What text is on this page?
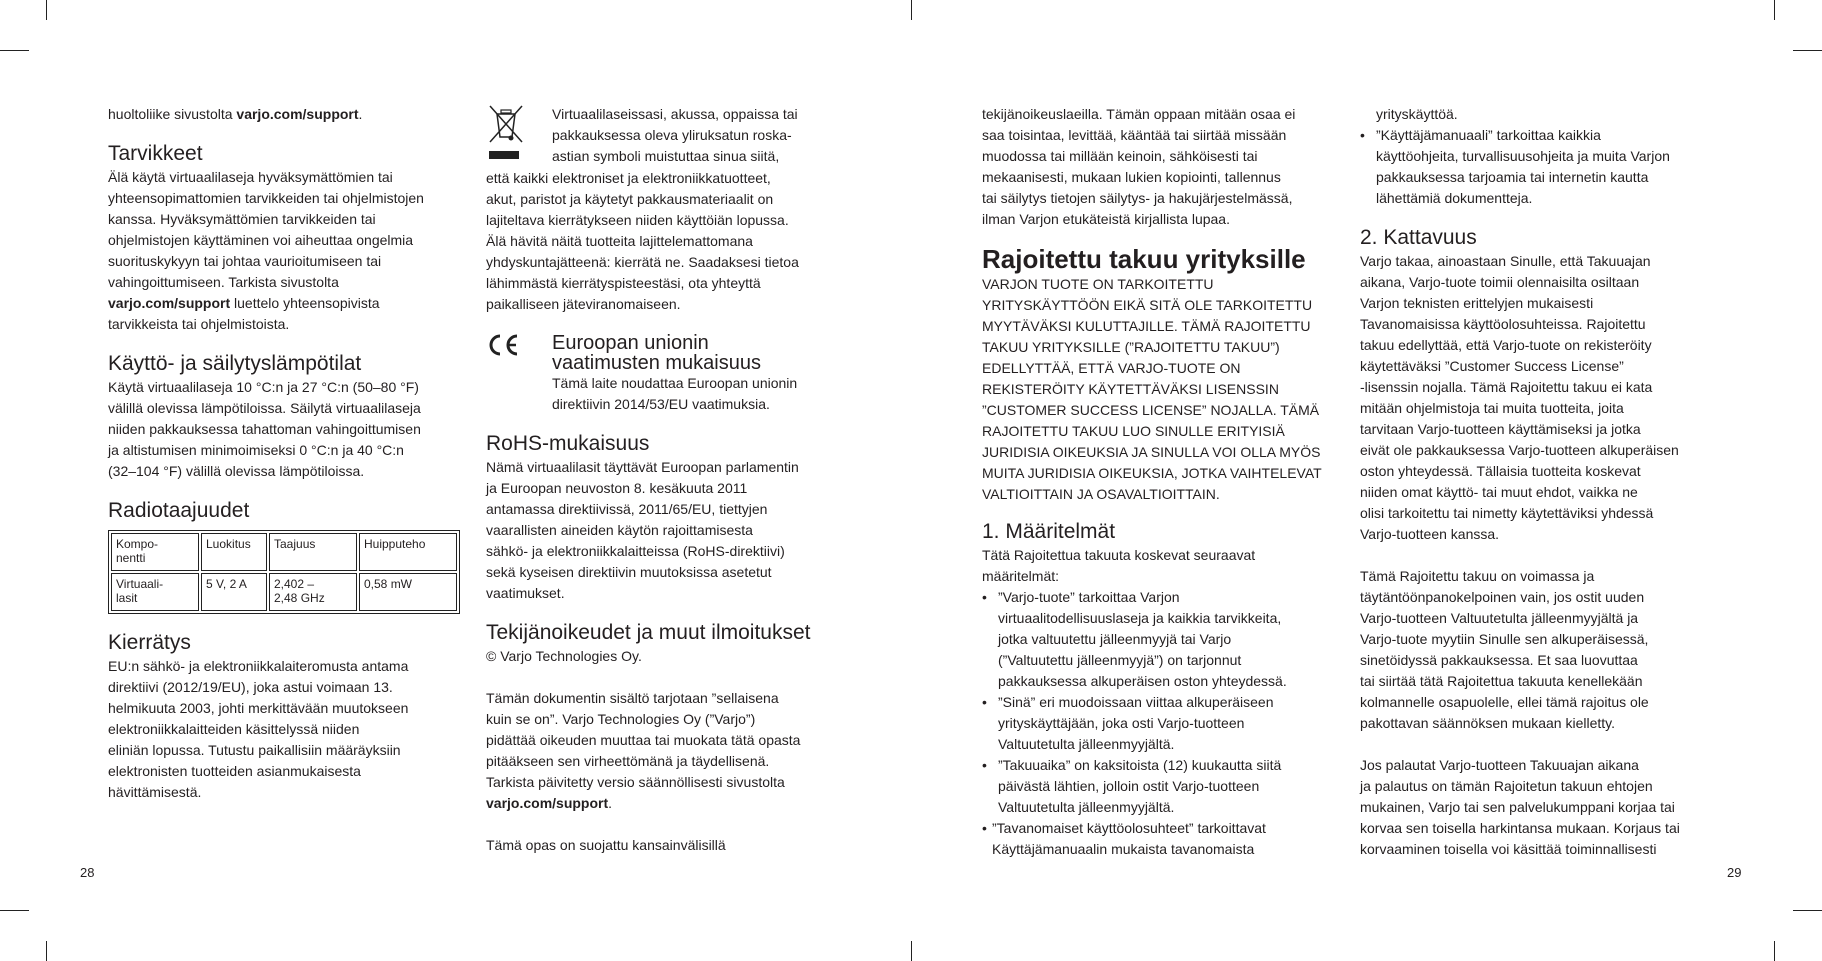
28	29
huoltoliike sivustolta varjo.com/support.
Tarvikkeet
Älä käytä virtuaalilaseja hyväksymättömien tai
yhteensopimattomien tarvikkeiden tai ohjelmistojen
kanssa. Hyväksymättömien tarvikkeiden tai
ohjelmistojen käyttäminen voi aiheuttaa ongelmia
suorituskykyyn tai johtaa vaurioitumiseen tai
vahingoittumiseen. Tarkista sivustolta
varjo.com/support luettelo yhteensopivista
tarvikkeista tai ohjelmistoista.
Käyttö- ja säilytyslämpötilat
Käytä virtuaalilaseja 10 °C:n ja 27 °C:n (50–80 °F)
välillä olevissa lämpötiloissa. Säilytä virtuaalilaseja
niiden pakkauksessa tahattoman vahingoittumisen
ja altistumisen minimoimiseksi 0 °C:n ja 40 °C:n
(32–104 °F) välillä olevissa lämpötiloissa.
Radiotaajuudet
Kompo-
nentti	Luokitus	Taajuus	Huipputeho
Virtuaali-
lasit	5 V, 2 A	2,402 –
2,48 GHz	0,58 mW
Kierrätys
EU:n sähkö- ja elektroniikkalaiteromusta antama
direktiivi (2012/19/EU), joka astui voimaan 13.
helmikuuta 2003, johti merkittävään muutokseen
elektroniikkalaitteiden käsittelyssä niiden
eliniän lopussa. Tutustu paikallisiin määräyksiin
elektronisten tuotteiden asianmukaisesta
hävittämisestä.
Virtuaalilaseissasi, akussa, oppaissa tai
pakkauksessa oleva yliruksatun roska-
astian symboli muistuttaa sinua siitä,
että kaikki elektroniset ja elektroniikkatuotteet,
akut, paristot ja käytetyt pakkausmateriaalit on
lajiteltava kierrätykseen niiden käyttöiän lopussa.
Älä hävitä näitä tuotteita lajittelemattomana
yhdyskuntajätteenä: kierrätä ne. Saadaksesi tietoa
lähimmästä kierrätyspisteestäsi, ota yhteyttä
paikalliseen jäteviranomaiseen.
Euroopan unionin
vaatimusten mukaisuus
Tämä laite noudattaa Euroopan unionin
direktiivin 2014/53/EU vaatimuksia.
RoHS-mukaisuus
Nämä virtuaalilasit täyttävät Euroopan parlamentin
ja Euroopan neuvoston 8. kesäkuuta 2011
antamassa direktiivissä, 2011/65/EU, tiettyjen
vaarallisten aineiden käytön rajoittamisesta
sähkö- ja elektroniikkalaitteissa (RoHS-direktiivi)
sekä kyseisen direktiivin muutoksissa asetetut
vaatimukset.
Tekijänoikeudet ja muut ilmoitukset
© Varjo Technologies Oy.
Tämän dokumentin sisältö tarjotaan ”sellaisena
kuin se on”. Varjo Technologies Oy (”Varjo”)
pidättää oikeuden muuttaa tai muokata tätä opasta
pitääkseen sen virheettömänä ja täydellisenä.
Tarkista päivitetty versio säännöllisesti sivustolta
varjo.com/support.
Tämä opas on suojattu kansainvälisillä
tekijänoikeuslaeilla. Tämän oppaan mitään osaa ei
saa toisintaa, levittää, kääntää tai siirtää missään
muodossa tai millään keinoin, sähköisesti tai
mekaanisesti, mukaan lukien kopiointi, tallennus
tai säilytys tietojen säilytys- ja hakujärjestelmässä,
ilman Varjon etukäteistä kirjallista lupaa.
Rajoitettu takuu yrityksille
VARJON TUOTE ON TARKOITETTU
YRITYSKÄYTTÖÖN EIKÄ SITÄ OLE TARKOITETTU
MYYTÄVÄKSI KULUTTAJILLE. TÄMÄ RAJOITETTU
TAKUU YRITYKSILLE (”RAJOITETTU TAKUU”)
EDELLYTTÄÄ, ETTÄ VARJO-TUOTE ON
REKISTERÖITY KÄYTETTÄVÄKSI LISENSSIN
”CUSTOMER SUCCESS LICENSE” NOJALLA. TÄMÄ
RAJOITETTU TAKUU LUO SINULLE ERITYISIÄ
JURIDISIA OIKEUKSIA JA SINULLA VOI OLLA MYÖS
MUITA JURIDISIA OIKEUKSIA, JOTKA VAIHTELEVAT
VALTIOITTAIN JA OSAVALTIOITTAIN.
1. Määritelmät
Tätä Rajoitettua takuuta koskevat seuraavat
määritelmät:
• ”Varjo-tuote” tarkoittaa Varjon
virtuaalitodellisuuslaseja ja kaikkia tarvikkeita,
jotka valtuutettu jälleenmyyjä tai Varjo
(”Valtuutettu jälleenmyyjä”) on tarjonnut
pakkauksessa alkuperäisen oston yhteydessä.
• ”Sinä” eri muodoissaan viittaa alkuperäiseen
yrityskäyttäjään, joka osti Varjo-tuotteen
Valtuutetulta jälleenmyyjältä.
• ”Takuuaika” on kaksitoista (12) kuukautta siitä
päivästä lähtien, jolloin ostit Varjo-tuotteen
Valtuutetulta jälleenmyyjältä.
• ”Tavanomaiset käyttöolosuhteet” tarkoittavat
Käyttäjämanuaalin mukaista tavanomaista
yrityskäyttöä.
• ”Käyttäjämanuaali” tarkoittaa kaikkia
käyttöohjeita, turvallisuusohjeita ja muita Varjon
pakkauksessa tarjoamia tai internetin kautta
lähettämiä dokumentteja.
2. Kattavuus
Varjo takaa, ainoastaan Sinulle, että Takuuajan
aikana, Varjo-tuote toimii olennaisilta osiltaan
Varjon teknisten erittelyjen mukaisesti
Tavanomaisissa käyttöolosuhteissa. Rajoitettu
takuu edellyttää, että Varjo-tuote on rekisteröity
käytettäväksi ”Customer Success License”
-lisenssin nojalla. Tämä Rajoitettu takuu ei kata
mitään ohjelmistoja tai muita tuotteita, joita
tarvitaan Varjo-tuotteen käyttämiseksi ja jotka
eivät ole pakkauksessa Varjo-tuotteen alkuperäisen
oston yhteydessä. Tällaisia tuotteita koskevat
niiden omat käyttö- tai muut ehdot, vaikka ne
olisi tarkoitettu tai nimetty käytettäviksi yhdessä
Varjo-tuotteen kanssa.
Tämä Rajoitettu takuu on voimassa ja
täytäntöönpanokelpoinen vain, jos ostit uuden
Varjo-tuotteen Valtuutetulta jälleenmyyjältä ja
Varjo-tuote myytiin Sinulle sen alkuperäisessä,
sinetöidyssä pakkauksessa. Et saa luovuttaa
tai siirtää tätä Rajoitettua takuuta kenellekään
kolmannelle osapuolelle, ellei tämä rajoitus ole
pakottavan säännöksen mukaan kielletty.
Jos palautat Varjo-tuotteen Takuuajan aikana
ja palautus on tämän Rajoitetun takuun ehtojen
mukainen, Varjo tai sen palvelukumppani korjaa tai
korvaa sen toisella harkintansa mukaan. Korjaus tai
korvaaminen toisella voi käsittää toiminnallisesti
